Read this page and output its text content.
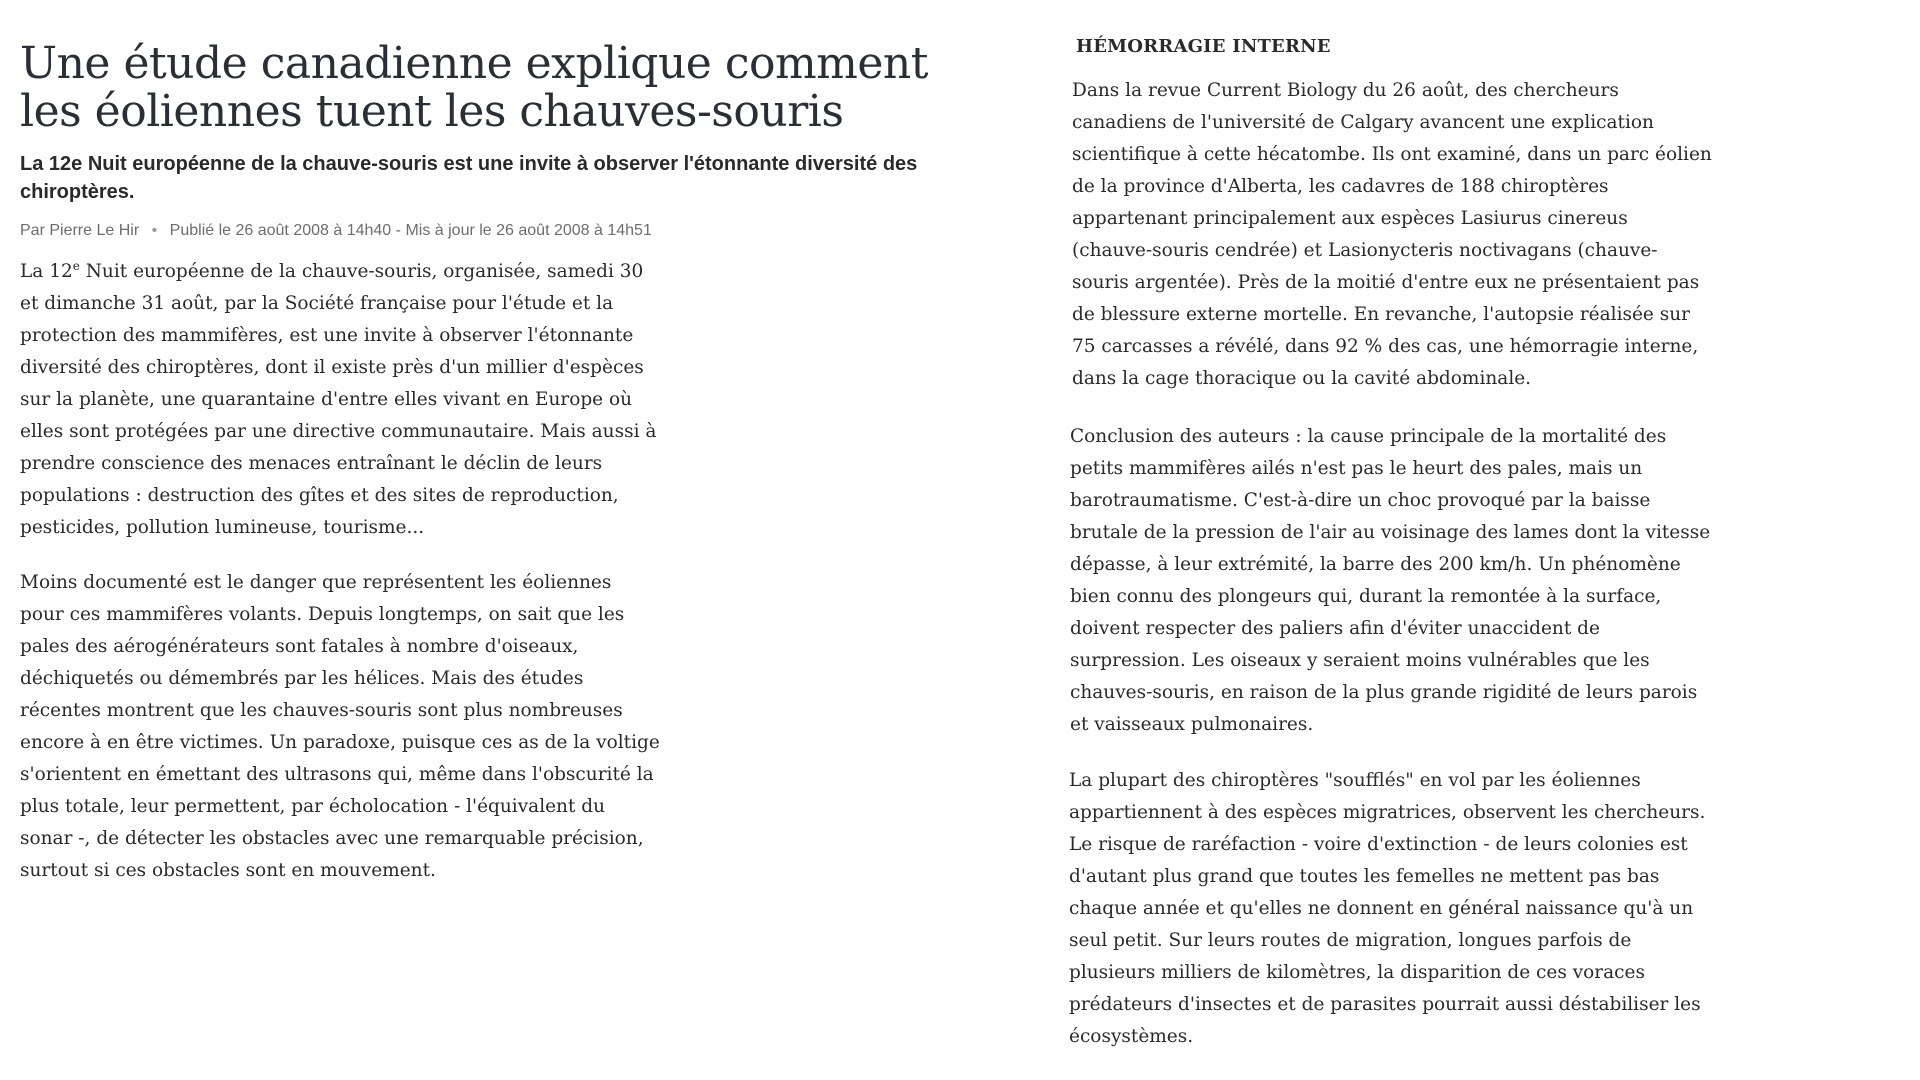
Une étude canadienne explique comment les éoliennes tuent les chauves-souris

La 12e Nuit européenne de la chauve-souris est une invite à observer l'étonnante diversité des chiroptères.

Par Pierre Le Hir • Publié le 26 août 2008 à 14h40 - Mis à jour le 26 août 2008 à 14h51

La 12e Nuit européenne de la chauve-souris, organisée, samedi 30 et dimanche 31 août, par la Société française pour l'étude et la protection des mammifères, est une invite à observer l'étonnante diversité des chiroptères, dont il existe près d'un millier d'espèces sur la planète, une quarantaine d'entre elles vivant en Europe où elles sont protégées par une directive communautaire. Mais aussi à prendre conscience des menaces entraînant le déclin de leurs populations : destruction des gîtes et des sites de reproduction, pesticides, pollution lumineuse, tourisme...

Moins documenté est le danger que représentent les éoliennes pour ces mammifères volants. Depuis longtemps, on sait que les pales des aérogénérateurs sont fatales à nombre d'oiseaux, déchiquetés ou démembrés par les hélices. Mais des études récentes montrent que les chauves-souris sont plus nombreuses encore à en être victimes. Un paradoxe, puisque ces as de la voltige s'orientent en émettant des ultrasons qui, même dans l'obscurité la plus totale, leur permettent, par écholocation - l'équivalent du sonar -, de détecter les obstacles avec une remarquable précision, surtout si ces obstacles sont en mouvement.

HÉMORRAGIE INTERNE

Dans la revue Current Biology du 26 août, des chercheurs canadiens de l'université de Calgary avancent une explication scientifique à cette hécatombe. Ils ont examiné, dans un parc éolien de la province d'Alberta, les cadavres de 188 chiroptères appartenant principalement aux espèces Lasiurus cinereus (chauve-souris cendrée) et Lasionycteris noctivagans (chauve-souris argentée). Près de la moitié d'entre eux ne présentaient pas de blessure externe mortelle. En revanche, l'autopsie réalisée sur 75 carcasses a révélé, dans 92 % des cas, une hémorragie interne, dans la cage thoracique ou la cavité abdominale.

Conclusion des auteurs : la cause principale de la mortalité des petits mammifères ailés n'est pas le heurt des pales, mais un barotraumatisme. C'est-à-dire un choc provoqué par la baisse brutale de la pression de l'air au voisinage des lames dont la vitesse dépasse, à leur extrémité, la barre des 200 km/h. Un phénomène bien connu des plongeurs qui, durant la remontée à la surface, doivent respecter des paliers afin d'éviter unaccident de surpression. Les oiseaux y seraient moins vulnérables que les chauves-souris, en raison de la plus grande rigidité de leurs parois et vaisseaux pulmonaires.

La plupart des chiroptères "soufflés" en vol par les éoliennes appartiennent à des espèces migratrices, observent les chercheurs. Le risque de raréfaction - voire d'extinction - de leurs colonies est d'autant plus grand que toutes les femelles ne mettent pas bas chaque année et qu'elles ne donnent en général naissance qu'à un seul petit. Sur leurs routes de migration, longues parfois de plusieurs milliers de kilomètres, la disparition de ces voraces prédateurs d'insectes et de parasites pourrait aussi déstabiliser les écosystèmes.
